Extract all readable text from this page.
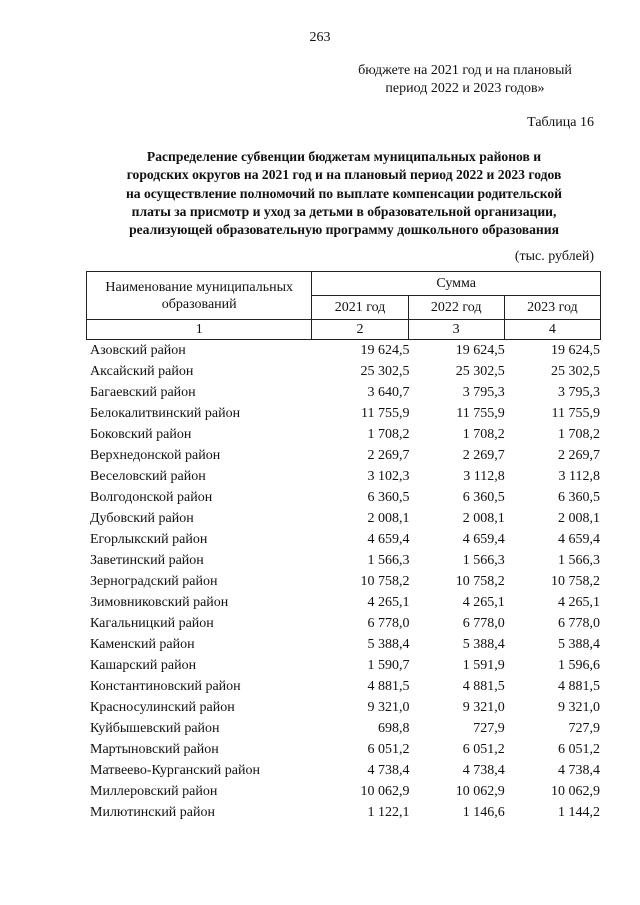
263
бюджете на 2021 год и на плановый
период 2022 и 2023 годов»
Таблица 16
Распределение субвенции бюджетам муниципальных районов и
городских округов на 2021 год и на плановый период 2022 и 2023 годов
на осуществление полномочий по выплате компенсации родительской
платы за присмотр и уход за детьми в образовательной организации,
реализующей образовательную программу дошкольного образования
(тыс. рублей)
Наименование муниципальных образований	Сумма		
	2021 год	2022 год	2023 год
1	2	3	4
Азовский район	19 624,5	19 624,5	19 624,5
Аксайский район	25 302,5	25 302,5	25 302,5
Багаевский район	3 640,7	3 795,3	3 795,3
Белокалитвинский район	11 755,9	11 755,9	11 755,9
Боковский район	1 708,2	1 708,2	1 708,2
Верхнедонской район	2 269,7	2 269,7	2 269,7
Веселовский район	3 102,3	3 112,8	3 112,8
Волгодонской район	6 360,5	6 360,5	6 360,5
Дубовский район	2 008,1	2 008,1	2 008,1
Егорлыкский район	4 659,4	4 659,4	4 659,4
Заветинский район	1 566,3	1 566,3	1 566,3
Зерноградский район	10 758,2	10 758,2	10 758,2
Зимовниковский район	4 265,1	4 265,1	4 265,1
Кагальницкий район	6 778,0	6 778,0	6 778,0
Каменский район	5 388,4	5 388,4	5 388,4
Кашарский район	1 590,7	1 591,9	1 596,6
Константиновский район	4 881,5	4 881,5	4 881,5
Красносулинский район	9 321,0	9 321,0	9 321,0
Куйбышевский район	698,8	727,9	727,9
Мартыновский район	6 051,2	6 051,2	6 051,2
Матвеево-Курганский район	4 738,4	4 738,4	4 738,4
Миллеровский район	10 062,9	10 062,9	10 062,9
Милютинский район	1 122,1	1 146,6	1 144,2
